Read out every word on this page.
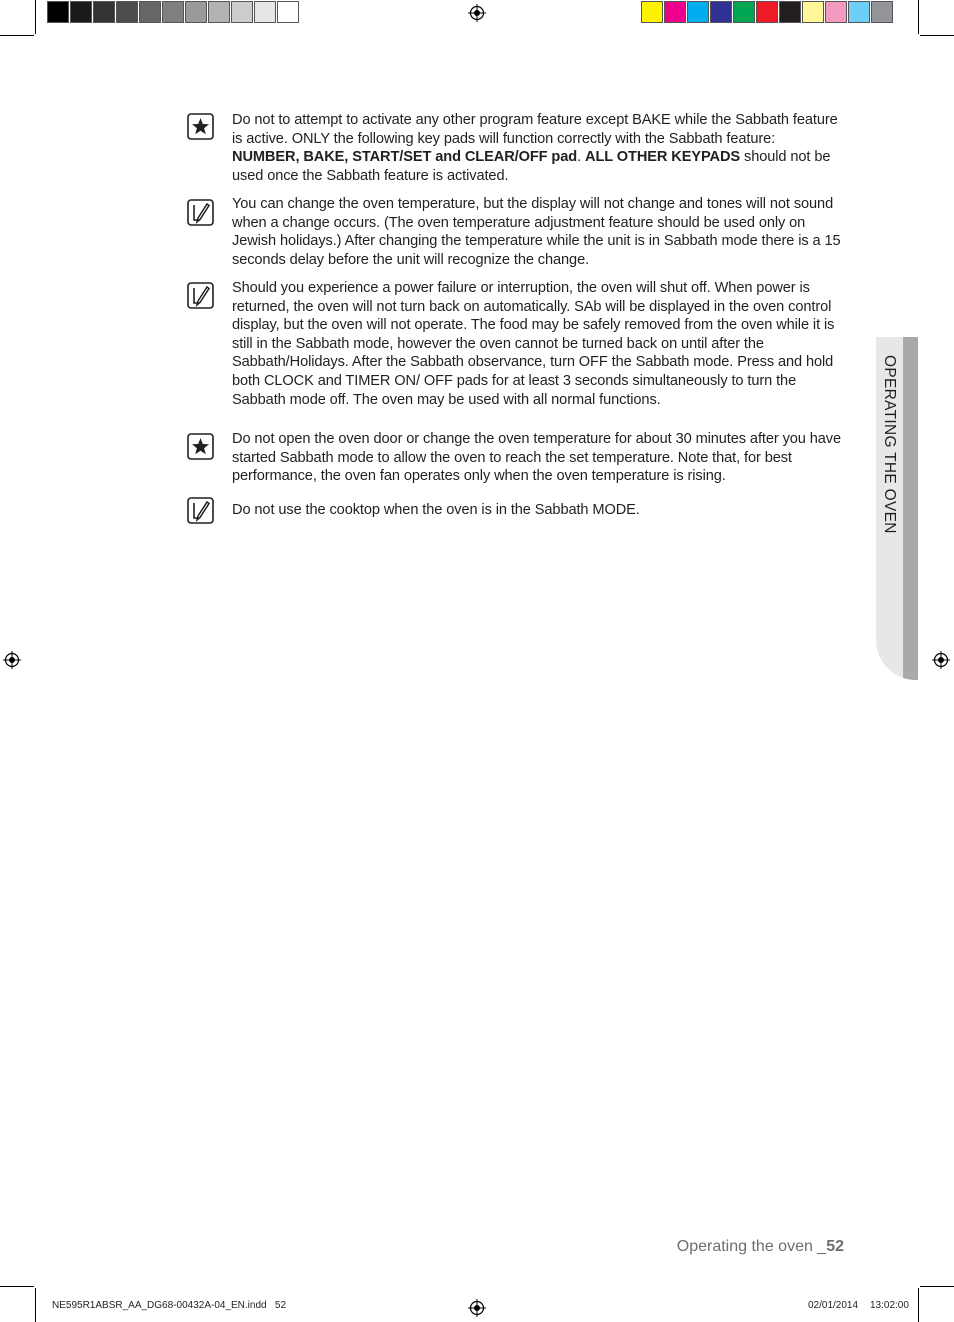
Do not to attempt to activate any other program feature except BAKE while the Sabbath feature is active. ONLY the following key pads will function correctly with the Sabbath feature: NUMBER, BAKE, START/SET and CLEAR/OFF pad. ALL OTHER KEYPADS should not be used once the Sabbath feature is activated.
You can change the oven temperature, but the display will not change and tones will not sound when a change occurs. (The oven temperature adjustment feature should be used only on Jewish holidays.) After changing the temperature while the unit is in Sabbath mode there is a 15 seconds delay before the unit will recognize the change.
Should you experience a power failure or interruption, the oven will shut off. When power is returned, the oven will not turn back on automatically. SAb will be displayed in the oven control display, but the oven will not operate. The food may be safely removed from the oven while it is still in the Sabbath mode, however the oven cannot be turned back on until after the Sabbath/Holidays. After the Sabbath observance, turn OFF the Sabbath mode. Press and hold both CLOCK and TIMER ON/ OFF pads for at least 3 seconds simultaneously to turn the Sabbath mode off. The oven may be used with all normal functions.
Do not open the oven door or change the oven temperature for about 30 minutes after you have started Sabbath mode to allow the oven to reach the set temperature. Note that, for best performance, the oven fan operates only when the oven temperature is rising.
Do not use the cooktop when the oven is in the Sabbath MODE.	OPERATING THE OVEN
Operating the oven _52
NE595R1ABSR_AA_DG68-00432A-04_EN.indd   52	02/01/2014 13:02:00
